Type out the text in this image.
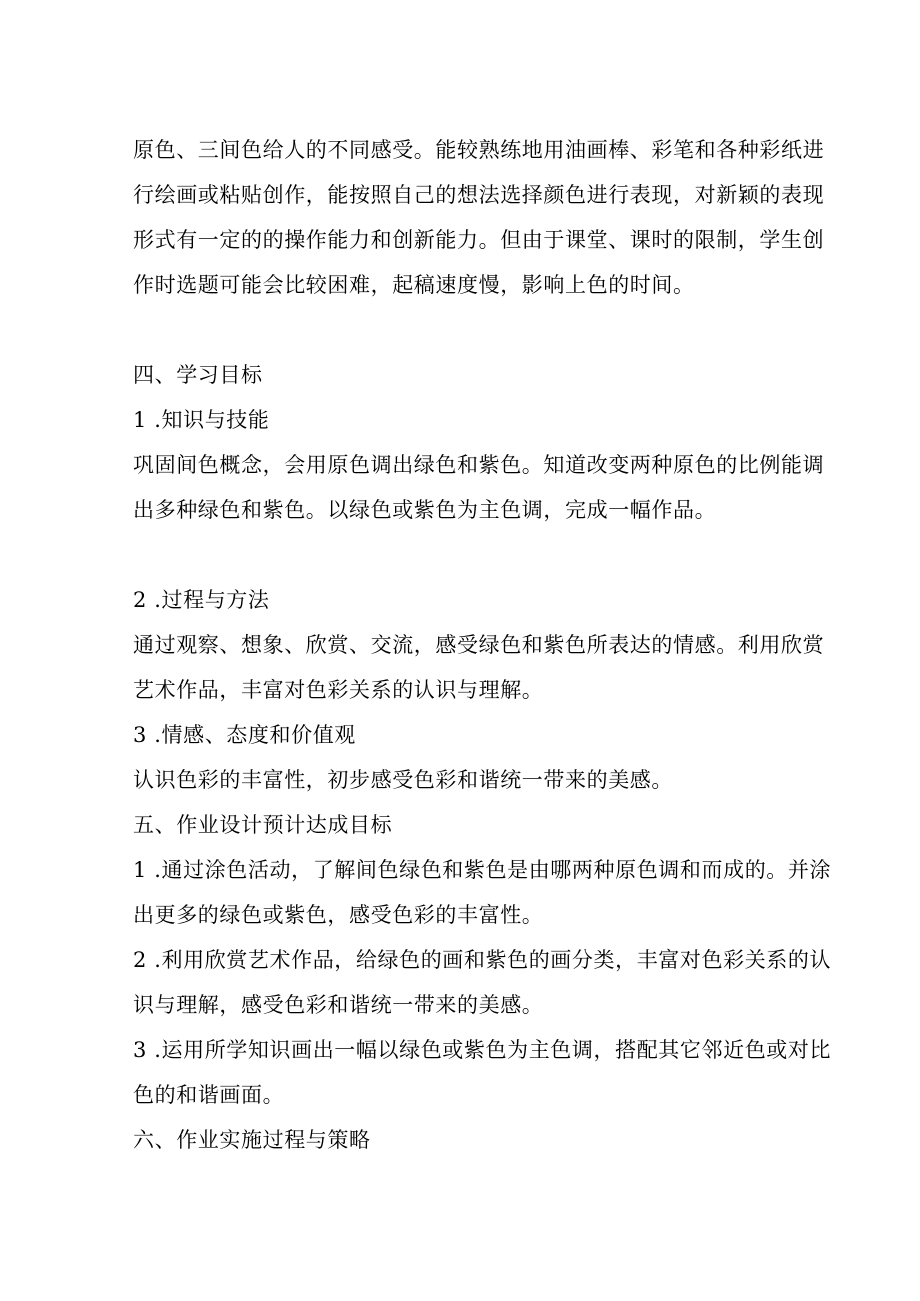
原色、三间色给人的不同感受。能较熟练地用油画棒、彩笔和各种彩纸进
行绘画或粘贴创作，能按照自己的想法选择颜色进行表现，对新颖的表现
形式有一定的的操作能力和创新能力。但由于课堂、课时的限制，学生创
作时选题可能会比较困难，起稿速度慢，影响上色的时间。
四、学习目标
1 .知识与技能
巩固间色概念，会用原色调出绿色和紫色。知道改变两种原色的比例能调
出多种绿色和紫色。以绿色或紫色为主色调，完成一幅作品。
2 .过程与方法
通过观察、想象、欣赏、交流，感受绿色和紫色所表达的情感。利用欣赏
艺术作品，丰富对色彩关系的认识与理解。
3 .情感、态度和价值观
认识色彩的丰富性，初步感受色彩和谐统一带来的美感。
五、作业设计预计达成目标
1 .通过涂色活动，了解间色绿色和紫色是由哪两种原色调和而成的。并涂
出更多的绿色或紫色，感受色彩的丰富性。
2 .利用欣赏艺术作品，给绿色的画和紫色的画分类，丰富对色彩关系的认
识与理解，感受色彩和谐统一带来的美感。
3 .运用所学知识画出一幅以绿色或紫色为主色调，搭配其它邻近色或对比
色的和谐画面。
六、作业实施过程与策略
